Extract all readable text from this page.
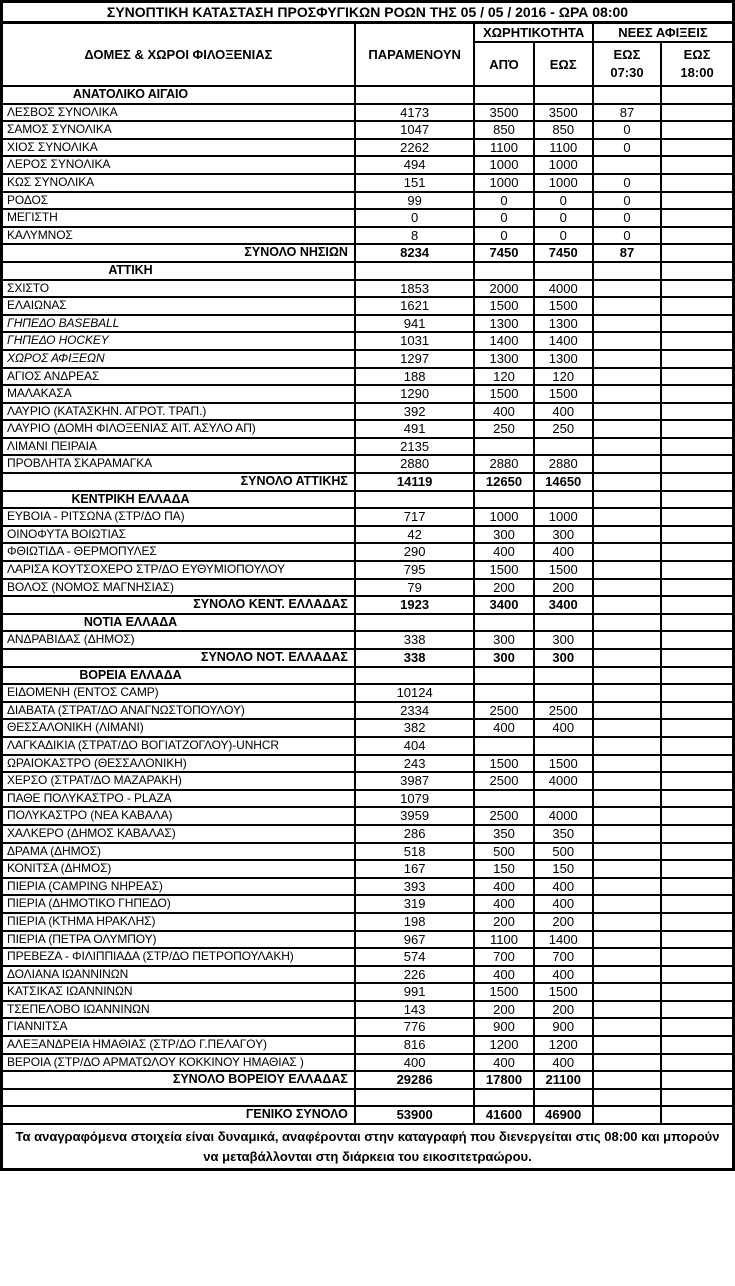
ΣΥΝΟΠΤΙΚΗ ΚΑΤΑΣΤΑΣΗ ΠΡΟΣΦΥΓΙΚΩΝ ΡΟΩΝ ΤΗΣ 05 / 05 / 2016 - ΩΡΑ 08:00					
ΔΟΜΕΣ & ΧΩΡΟΙ ΦΙΛΟΞΕΝΙΑΣ	ΠΑΡΑΜΕΝΟΥΝ	ΧΩΡΗΤΙΚΟΤΗΤΑ		ΝΕΕΣ ΑΦΙΞΕΙΣ	
		ΑΠΌ	ΕΩΣ	ΕΩΣ 07:30	ΕΩΣ 18:00
ΑΝΑΤΟΛΙΚΟ ΑΙΓΑΙΟ					
ΛΕΣΒΟΣ ΣΥΝΟΛΙΚΑ	4173	3500	3500	87	
ΣΑΜΟΣ ΣΥΝΟΛΙΚΑ	1047	850	850	0	
ΧΙΟΣ ΣΥΝΟΛΙΚΑ	2262	1100	1100	0	
ΛΕΡΟΣ ΣΥΝΟΛΙΚΑ	494	1000	1000		
ΚΩΣ ΣΥΝΟΛΙΚΑ	151	1000	1000	0	
ΡΟΔΟΣ	99	0	0	0	
ΜΕΓΙΣΤΗ	0	0	0	0	
ΚΑΛΥΜΝΟΣ	8	0	0	0	
ΣΥΝΟΛΟ ΝΗΣΙΩΝ	8234	7450	7450	87	
ΑΤΤΙΚΗ					
ΣΧΙΣΤΟ	1853	2000	4000		
ΕΛΑΙΩΝΑΣ	1621	1500	1500		
ΓΗΠΕΔΟ BASEBALL	941	1300	1300		
ΓΗΠΕΔΟ HOCKEY	1031	1400	1400		
ΧΩΡΟΣ ΑΦΙΞΕΩΝ	1297	1300	1300		
ΑΓΙΟΣ ΑΝΔΡΕΑΣ	188	120	120		
ΜΑΛΑΚΑΣΑ	1290	1500	1500		
ΛΑΥΡΙΟ (ΚΑΤΑΣΚΗΝ. ΑΓΡΟΤ. ΤΡΑΠ.)	392	400	400		
ΛΑΥΡΙΟ (ΔΟΜΗ ΦΙΛΟΞΕΝΙΑΣ ΑΙΤ. ΑΣΥΛΟ ΑΠ)	491	250	250		
ΛΙΜΑΝΙ ΠΕΙΡΑΙΑ	2135				
ΠΡΟΒΛΗΤΑ ΣΚΑΡΑΜΑΓΚΑ	2880	2880	2880		
ΣΥΝΟΛΟ ΑΤΤΙΚΗΣ	14119	12650	14650		
ΚΕΝΤΡΙΚΗ ΕΛΛΑΔΑ					
ΕΥΒΟΙΑ - ΡΙΤΣΩΝΑ (ΣΤΡ/ΔΟ ΠΑ)	717	1000	1000		
ΟΙΝΟΦΥΤΑ ΒΟΙΩΤΙΑΣ	42	300	300		
ΦΘΙΩΤΙΔΑ - ΘΕΡΜΟΠΥΛΕΣ	290	400	400		
ΛΑΡΙΣΑ ΚΟΥΤΣΟΧΕΡΟ ΣΤΡ/ΔΟ ΕΥΘΥΜΙΟΠΟΥΛΟΥ	795	1500	1500		
ΒΟΛΟΣ (ΝΟΜΟΣ ΜΑΓΝΗΣΙΑΣ)	79	200	200		
ΣΥΝΟΛΟ ΚΕΝΤ. ΕΛΛΑΔΑΣ	1923	3400	3400		
ΝΟΤΙΑ ΕΛΛΑΔΑ					
ΑΝΔΡΑΒΙΔΑΣ (ΔΗΜΟΣ)	338	300	300		
ΣΥΝΟΛΟ ΝΟΤ. ΕΛΛΑΔΑΣ	338	300	300		
ΒΟΡΕΙΑ ΕΛΛΑΔΑ					
ΕΙΔΟΜΕΝΗ (ΕΝΤΟΣ CAMP)	10124				
ΔΙΑΒΑΤΑ (ΣΤΡΑΤ/ΔΟ ΑΝΑΓΝΩΣΤΟΠΟΥΛΟΥ)	2334	2500	2500		
ΘΕΣΣΑΛΟΝΙΚΗ (ΛΙΜΑΝΙ)	382	400	400		
ΛΑΓΚΑΔΙΚΙΑ (ΣΤΡΑΤ/ΔΟ ΒΟΓΙΑΤΖΟΓΛΟΥ)-UNHCR	404				
ΩΡΑΙΟΚΑΣΤΡΟ (ΘΕΣΣΑΛΟΝΙΚΗ)	243	1500	1500		
ΧΕΡΣΟ (ΣΤΡΑΤ/ΔΟ ΜΑΖΑΡΑΚΗ)	3987	2500	4000		
ΠΑΘΕ ΠΟΛΥΚΑΣΤΡΟ - PLAZA	1079				
ΠΟΛΥΚΑΣΤΡΟ (ΝΕΑ ΚΑΒΑΛΑ)	3959	2500	4000		
ΧΑΛΚΕΡΟ (ΔΗΜΟΣ ΚΑΒΑΛΑΣ)	286	350	350		
ΔΡΑΜΑ (ΔΗΜΟΣ)	518	500	500		
ΚΟΝΙΤΣΑ (ΔΗΜΟΣ)	167	150	150		
ΠΙΕΡΙΑ (CAMPING ΝΗΡΕΑΣ)	393	400	400		
ΠΙΕΡΙΑ (ΔΗΜΟΤΙΚΟ ΓΗΠΕΔΟ)	319	400	400		
ΠΙΕΡΙΑ (ΚΤΗΜΑ ΗΡΑΚΛΗΣ)	198	200	200		
ΠΙΕΡΙΑ (ΠΕΤΡΑ ΟΛΥΜΠΟΥ)	967	1100	1400		
ΠΡΕΒΕΖΑ - ΦΙΛΙΠΠΙΑΔΑ (ΣΤΡ/ΔΟ ΠΕΤΡΟΠΟΥΛΑΚΗ)	574	700	700		
ΔΟΛΙΑΝΑ ΙΩΑΝΝΙΝΩΝ	226	400	400		
ΚΑΤΣΙΚΑΣ ΙΩΑΝΝΙΝΩΝ	991	1500	1500		
ΤΣΕΠΕΛΟΒΟ ΙΩΑΝΝΙΝΩΝ	143	200	200		
ΓΙΑΝΝΙΤΣΑ	776	900	900		
ΑΛΕΞΑΝΔΡΕΙΑ ΗΜΑΘΙΑΣ (ΣΤΡ/ΔΟ Γ.ΠΕΛΑΓΟΥ)	816	1200	1200		
ΒΕΡΟΙΑ (ΣΤΡ/ΔΟ ΑΡΜΑΤΩΛΟΥ ΚΟΚΚΙΝΟΥ ΗΜΑΘΙΑΣ )	400	400	400		
ΣΥΝΟΛΟ ΒΟΡΕΙΟΥ ΕΛΛΑΔΑΣ	29286	17800	21100		

ΓΕΝΙΚΟ ΣΥΝΟΛΟ	53900	41600	46900		
Τα αναγραφόμενα στοιχεία είναι δυναμικά, αναφέρονται στην καταγραφή που διενεργείται στις 08:00 και μπορούν να μεταβάλλονται στη διάρκεια του εικοσιτετραώρου.					
